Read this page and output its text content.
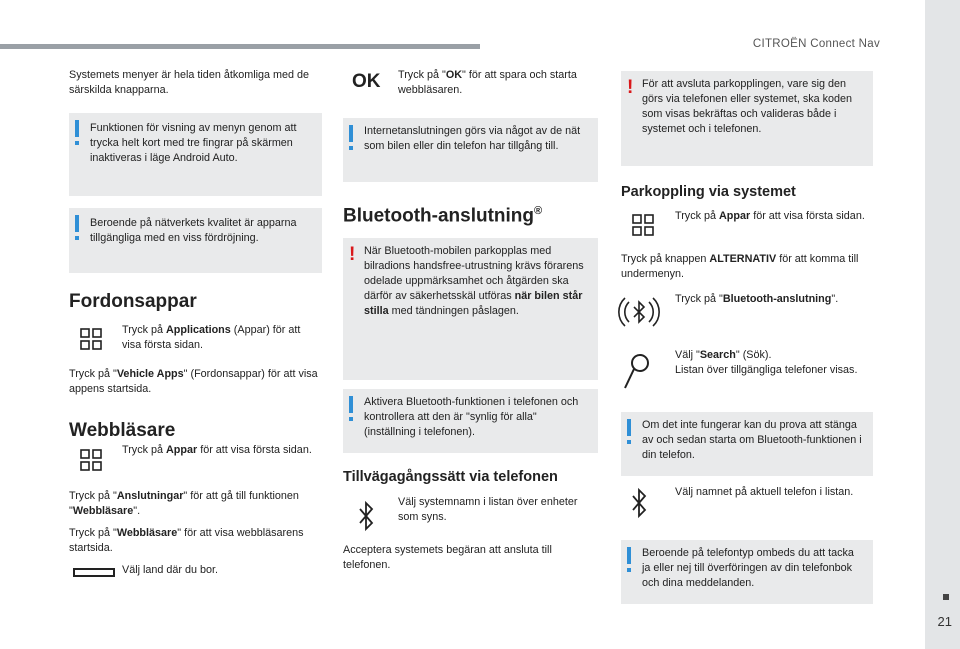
CITROËN Connect Nav
21
Systemets menyer är hela tiden åtkomliga med de särskilda knapparna.
Funktionen för visning av menyn genom att trycka helt kort med tre fingrar på skärmen inaktiveras i läge Android Auto.
Beroende på nätverkets kvalitet är apparna tillgängliga med en viss fördröjning.
Fordonsappar
Tryck på Applications (Appar) för att visa första sidan.
Tryck på "Vehicle Apps" (Fordonsappar) för att visa appens startsida.
Webbläsare
Tryck på Appar för att visa första sidan.
Tryck på "Anslutningar" för att gå till funktionen "Webbläsare".
Tryck på "Webbläsare" för att visa webbläsarens startsida.
Välj land där du bor.
OK Tryck på "OK" för att spara och starta webbläsaren.
Internetanslutningen görs via något av de nät som bilen eller din telefon har tillgång till.
Bluetooth-anslutning®
! När Bluetooth-mobilen parkopplas med bilradions handsfree-utrustning krävs förarens odelade uppmärksamhet och åtgärden ska därför av säkerhetsskäl utföras när bilen står stilla med tändningen påslagen.
Aktivera Bluetooth-funktionen i telefonen och kontrollera att den är "synlig för alla" (inställning i telefonen).
Tillvägagångssätt via telefonen
Välj systemnamn i listan över enheter som syns.
Acceptera systemets begäran att ansluta till telefonen.
! För att avsluta parkopplingen, vare sig den görs via telefonen eller systemet, ska koden som visas bekräftas och valideras både i systemet och i telefonen.
Parkoppling via systemet
Tryck på Appar för att visa första sidan.
Tryck på knappen ALTERNATIV för att komma till undermenyn.
Tryck på "Bluetooth-anslutning".
Välj "Search" (Sök).
Listan över tillgängliga telefoner visas.
Om det inte fungerar kan du prova att stänga av och sedan starta om Bluetooth-funktionen i din telefon.
Välj namnet på aktuell telefon i listan.
Beroende på telefontyp ombeds du att tacka ja eller nej till överföringen av din telefonbok och dina meddelanden.
